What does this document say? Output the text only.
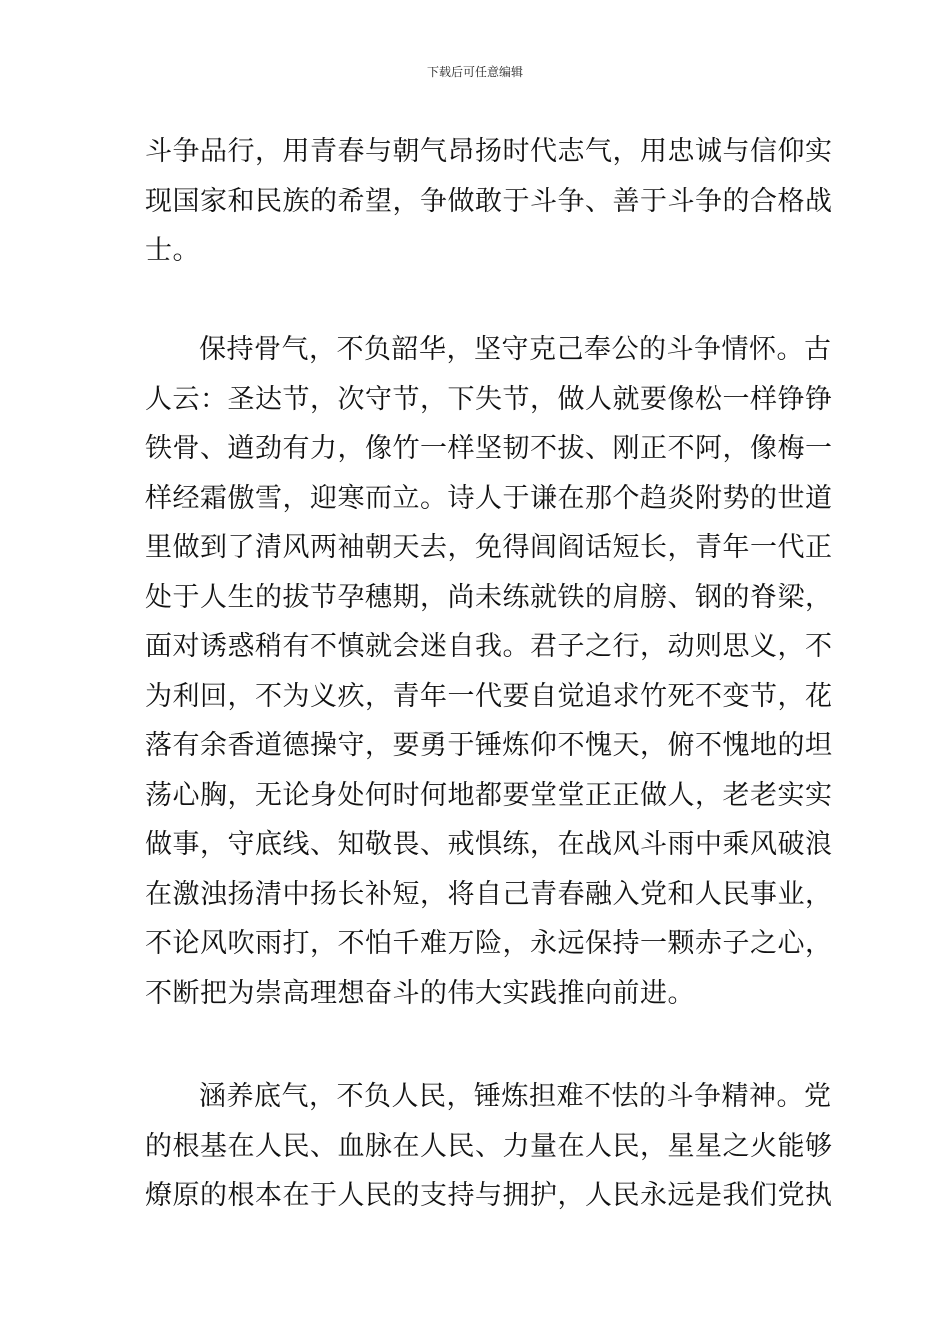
下载后可任意编辑
斗争品行，用青春与朝气昂扬时代志气，用忠诚与信仰实
现国家和民族的希望，争做敢于斗争、善于斗争的合格战
士。
保持骨气，不负韶华，坚守克己奉公的斗争情怀。古
人云：圣达节，次守节，下失节，做人就要像松一样铮铮
铁骨、遒劲有力，像竹一样坚韧不拔、刚正不阿，像梅一
样经霜傲雪，迎寒而立。诗人于谦在那个趋炎附势的世道
里做到了清风两袖朝天去，免得闾阎话短长，青年一代正
处于人生的拔节孕穗期，尚未练就铁的肩膀、钢的脊梁，
面对诱惑稍有不慎就会迷自我。君子之行，动则思义，不
为利回，不为义疚，青年一代要自觉追求竹死不变节，花
落有余香道德操守，要勇于锤炼仰不愧天，俯不愧地的坦
荡心胸，无论身处何时何地都要堂堂正正做人，老老实实
做事，守底线、知敬畏、戒惧练，在战风斗雨中乘风破浪
在激浊扬清中扬长补短，将自己青春融入党和人民事业，
不论风吹雨打，不怕千难万险，永远保持一颗赤子之心，
不断把为崇高理想奋斗的伟大实践推向前进。
涵养底气，不负人民，锤炼担难不怯的斗争精神。党
的根基在人民、血脉在人民、力量在人民，星星之火能够
燎原的根本在于人民的支持与拥护，人民永远是我们党执
